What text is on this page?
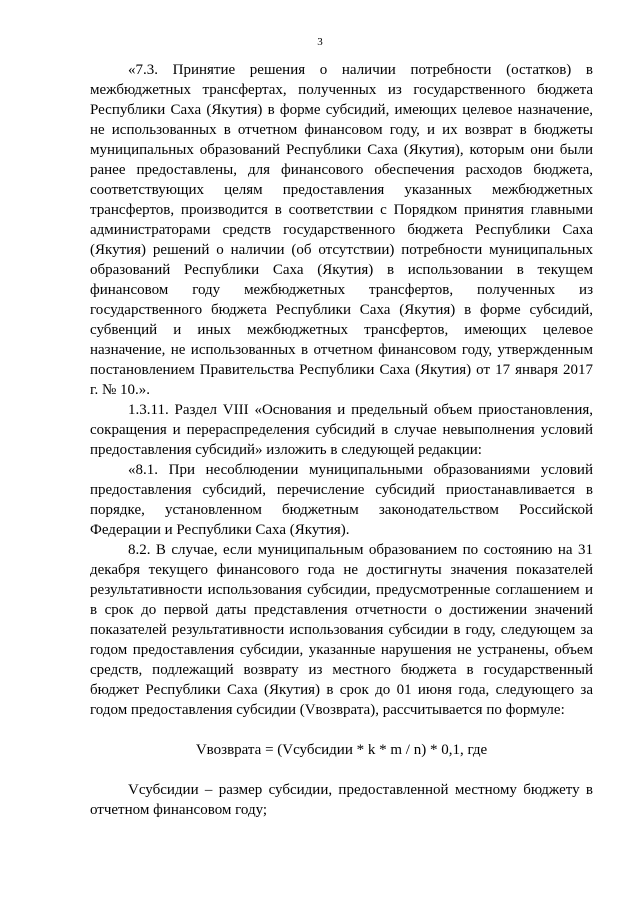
3

«7.3. Принятие решения о наличии потребности (остатков) в межбюджетных трансфертах, полученных из государственного бюджета Республики Саха (Якутия) в форме субсидий, имеющих целевое назначение, не использованных в отчетном финансовом году, и их возврат в бюджеты муниципальных образований Республики Саха (Якутия), которым они были ранее предоставлены, для финансового обеспечения расходов бюджета, соответствующих целям предоставления указанных межбюджетных трансфертов, производится в соответствии с Порядком принятия главными администраторами средств государственного бюджета Республики Саха (Якутия) решений о наличии (об отсутствии) потребности муниципальных образований Республики Саха (Якутия) в использовании в текущем финансовом году межбюджетных трансфертов, полученных из государственного бюджета Республики Саха (Якутия) в форме субсидий, субвенций и иных межбюджетных трансфертов, имеющих целевое назначение, не использованных в отчетном финансовом году, утвержденным постановлением Правительства Республики Саха (Якутия) от 17 января 2017 г. № 10.».

1.3.11. Раздел VIII «Основания и предельный объем приостановления, сокращения и перераспределения субсидий в случае невыполнения условий предоставления субсидий» изложить в следующей редакции:

«8.1. При несоблюдении муниципальными образованиями условий предоставления субсидий, перечисление субсидий приостанавливается в порядке, установленном бюджетным законодательством Российской Федерации и Республики Саха (Якутия).

8.2. В случае, если муниципальным образованием по состоянию на 31 декабря текущего финансового года не достигнуты значения показателей результативности использования субсидии, предусмотренные соглашением и в срок до первой даты представления отчетности о достижении значений показателей результативности использования субсидии в году, следующем за годом предоставления субсидии, указанные нарушения не устранены, объем средств, подлежащий возврату из местного бюджета в государственный бюджет Республики Саха (Якутия) в срок до 01 июня года, следующего за годом предоставления субсидии (Vвозврата), рассчитывается по формуле:

Vвозврата = (Vсубсидии * k * m / n) * 0,1, где

Vсубсидии – размер субсидии, предоставленной местному бюджету в отчетном финансовом году;
